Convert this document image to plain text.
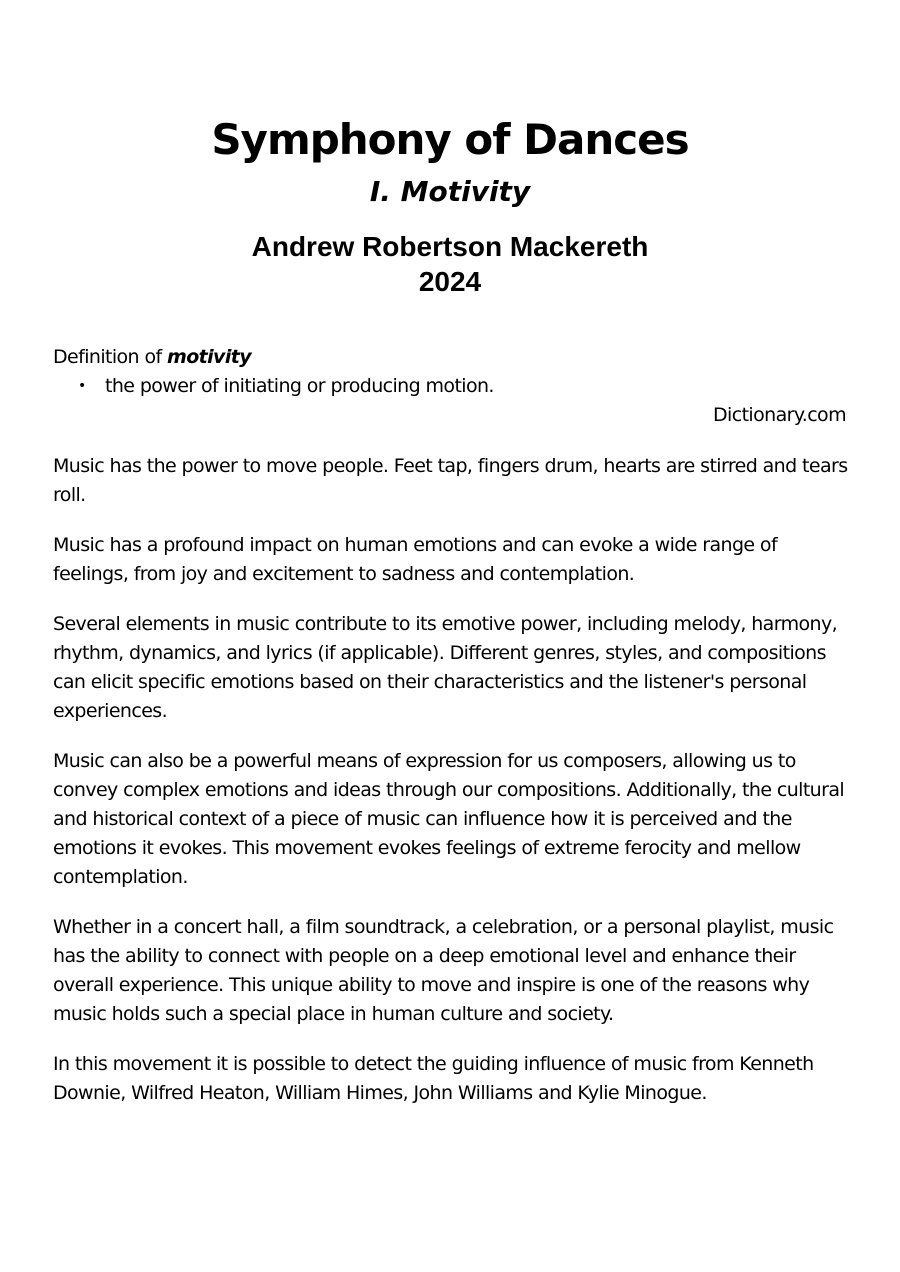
Symphony of Dances
I. Motivity
Andrew Robertson Mackereth
2024

Definition of motivity

• the power of initiating or producing motion.

Dictionary.com

Music has the power to move people. Feet tap, fingers drum, hearts are stirred and tears roll.

Music has a profound impact on human emotions and can evoke a wide range of feelings, from joy and excitement to sadness and contemplation.

Several elements in music contribute to its emotive power, including melody, harmony, rhythm, dynamics, and lyrics (if applicable). Different genres, styles, and compositions can elicit specific emotions based on their characteristics and the listener's personal experiences.

Music can also be a powerful means of expression for us composers, allowing us to convey complex emotions and ideas through our compositions. Additionally, the cultural and historical context of a piece of music can influence how it is perceived and the emotions it evokes. This movement evokes feelings of extreme ferocity and mellow contemplation.

Whether in a concert hall, a film soundtrack, a celebration, or a personal playlist, music has the ability to connect with people on a deep emotional level and enhance their overall experience. This unique ability to move and inspire is one of the reasons why music holds such a special place in human culture and society.

In this movement it is possible to detect the guiding influence of music from Kenneth Downie, Wilfred Heaton, William Himes, John Williams and Kylie Minogue.
